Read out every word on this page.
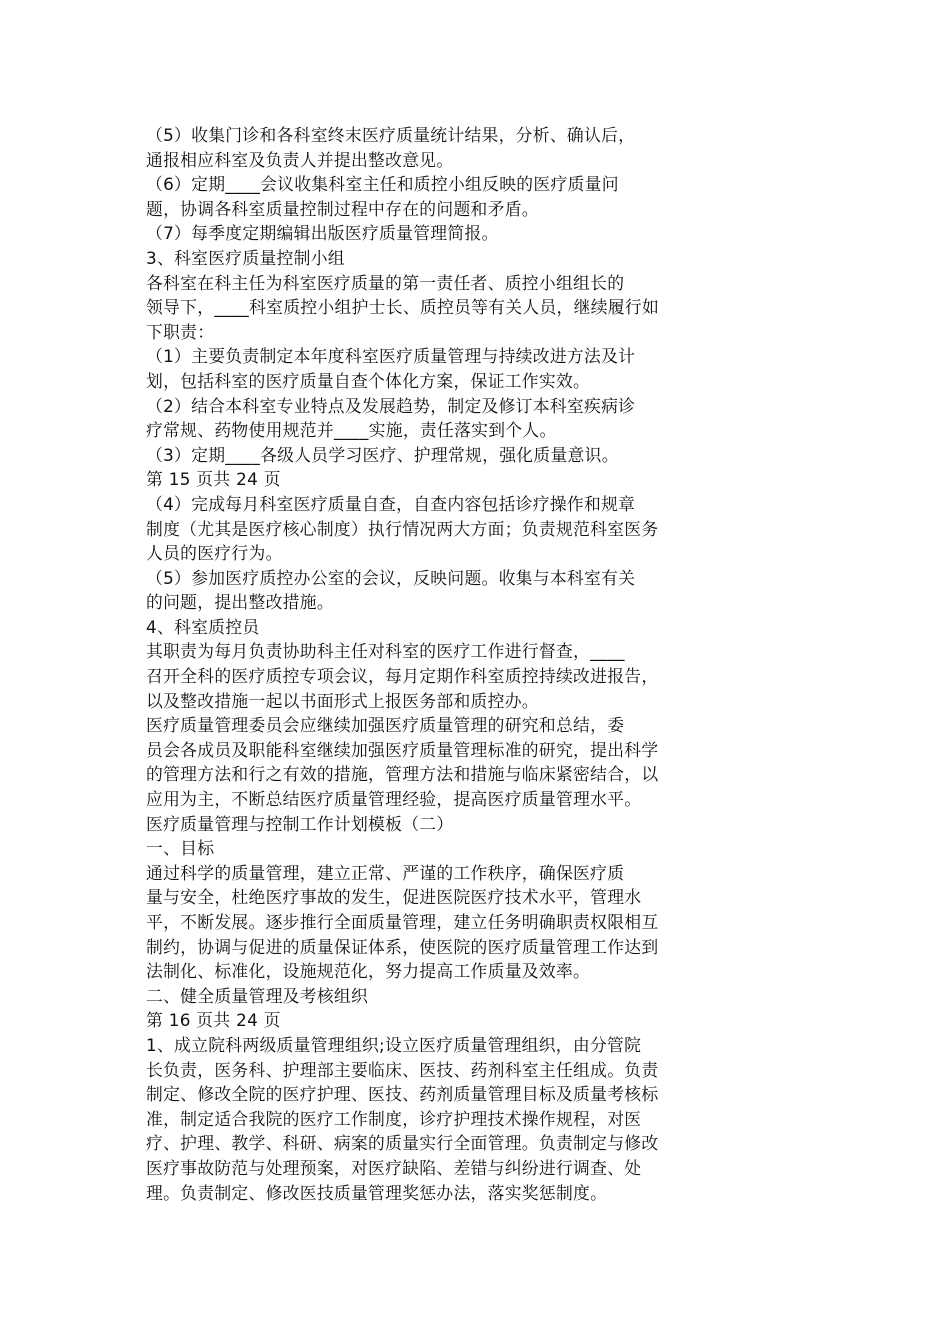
（5）收集门诊和各科室终末医疗质量统计结果，分析、确认后，
通报相应科室及负责人并提出整改意见。
（6）定期____会议收集科室主任和质控小组反映的医疗质量问
题，协调各科室质量控制过程中存在的问题和矛盾。
（7）每季度定期编辑出版医疗质量管理简报。
3、科室医疗质量控制小组
各科室在科主任为科室医疗质量的第一责任者、质控小组组长的
领导下，____科室质控小组护士长、质控员等有关人员，继续履行如
下职责：
（1）主要负责制定本年度科室医疗质量管理与持续改进方法及计
划，包括科室的医疗质量自查个体化方案，保证工作实效。
（2）结合本科室专业特点及发展趋势，制定及修订本科室疾病诊
疗常规、药物使用规范并____实施，责任落实到个人。
（3）定期____各级人员学习医疗、护理常规，强化质量意识。
第 15 页共 24 页
（4）完成每月科室医疗质量自查，自查内容包括诊疗操作和规章
制度（尤其是医疗核心制度）执行情况两大方面；负责规范科室医务
人员的医疗行为。
（5）参加医疗质控办公室的会议，反映问题。收集与本科室有关
的问题，提出整改措施。
4、科室质控员
其职责为每月负责协助科主任对科室的医疗工作进行督查，____
召开全科的医疗质控专项会议，每月定期作科室质控持续改进报告，
以及整改措施一起以书面形式上报医务部和质控办。
医疗质量管理委员会应继续加强医疗质量管理的研究和总结，委
员会各成员及职能科室继续加强医疗质量管理标准的研究，提出科学
的管理方法和行之有效的措施，管理方法和措施与临床紧密结合，以
应用为主，不断总结医疗质量管理经验，提高医疗质量管理水平。
医疗质量管理与控制工作计划模板（二）
一、目标
通过科学的质量管理，建立正常、严谨的工作秩序，确保医疗质
量与安全，杜绝医疗事故的发生，促进医院医疗技术水平，管理水
平，不断发展。逐步推行全面质量管理，建立任务明确职责权限相互
制约，协调与促进的质量保证体系，使医院的医疗质量管理工作达到
法制化、标准化，设施规范化，努力提高工作质量及效率。
二、健全质量管理及考核组织
第 16 页共 24 页
1、成立院科两级质量管理组织;设立医疗质量管理组织，由分管院
长负责，医务科、护理部主要临床、医技、药剂科室主任组成。负责
制定、修改全院的医疗护理、医技、药剂质量管理目标及质量考核标
准，制定适合我院的医疗工作制度，诊疗护理技术操作规程，对医
疗、护理、教学、科研、病案的质量实行全面管理。负责制定与修改
医疗事故防范与处理预案，对医疗缺陷、差错与纠纷进行调查、处
理。负责制定、修改医技质量管理奖惩办法，落实奖惩制度。
